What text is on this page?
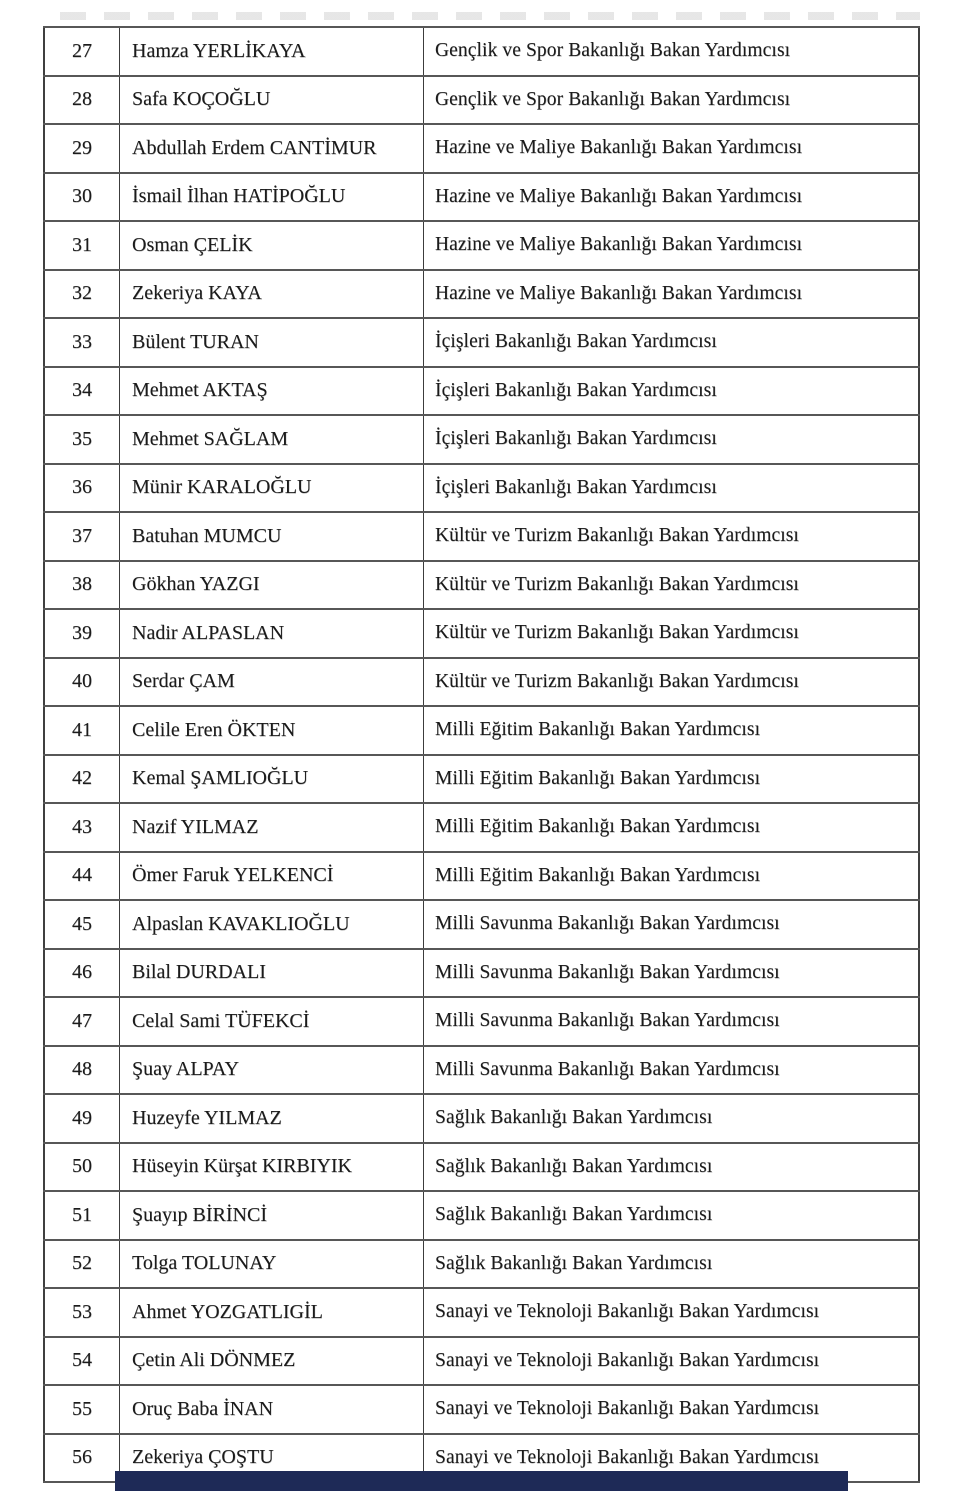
27	Hamza YERLİKAYA	Gençlik ve Spor Bakanlığı Bakan Yardımcısı
28	Safa KOÇOĞLU	Gençlik ve Spor Bakanlığı Bakan Yardımcısı
29	Abdullah Erdem CANTİMUR	Hazine ve Maliye Bakanlığı Bakan Yardımcısı
30	İsmail İlhan HATİPOĞLU	Hazine ve Maliye Bakanlığı Bakan Yardımcısı
31	Osman ÇELİK	Hazine ve Maliye Bakanlığı Bakan Yardımcısı
32	Zekeriya KAYA	Hazine ve Maliye Bakanlığı Bakan Yardımcısı
33	Bülent TURAN	İçişleri Bakanlığı Bakan Yardımcısı
34	Mehmet AKTAŞ	İçişleri Bakanlığı Bakan Yardımcısı
35	Mehmet SAĞLAM	İçişleri Bakanlığı Bakan Yardımcısı
36	Münir KARALOĞLU	İçişleri Bakanlığı Bakan Yardımcısı
37	Batuhan MUMCU	Kültür ve Turizm Bakanlığı Bakan Yardımcısı
38	Gökhan YAZGI	Kültür ve Turizm Bakanlığı Bakan Yardımcısı
39	Nadir ALPASLAN	Kültür ve Turizm Bakanlığı Bakan Yardımcısı
40	Serdar ÇAM	Kültür ve Turizm Bakanlığı Bakan Yardımcısı
41	Celile Eren ÖKTEN	Milli Eğitim Bakanlığı Bakan Yardımcısı
42	Kemal ŞAMLIOĞLU	Milli Eğitim Bakanlığı Bakan Yardımcısı
43	Nazif YILMAZ	Milli Eğitim Bakanlığı Bakan Yardımcısı
44	Ömer Faruk YELKENCİ	Milli Eğitim Bakanlığı Bakan Yardımcısı
45	Alpaslan KAVAKLIOĞLU	Milli Savunma Bakanlığı Bakan Yardımcısı
46	Bilal DURDALI	Milli Savunma Bakanlığı Bakan Yardımcısı
47	Celal Sami TÜFEKCİ	Milli Savunma Bakanlığı Bakan Yardımcısı
48	Şuay ALPAY	Milli Savunma Bakanlığı Bakan Yardımcısı
49	Huzeyfe YILMAZ	Sağlık Bakanlığı Bakan Yardımcısı
50	Hüseyin Kürşat KIRBIYIK	Sağlık Bakanlığı Bakan Yardımcısı
51	Şuayıp BİRİNCİ	Sağlık Bakanlığı Bakan Yardımcısı
52	Tolga TOLUNAY	Sağlık Bakanlığı Bakan Yardımcısı
53	Ahmet YOZGATLIGİL	Sanayi ve Teknoloji Bakanlığı Bakan Yardımcısı
54	Çetin Ali DÖNMEZ	Sanayi ve Teknoloji Bakanlığı Bakan Yardımcısı
55	Oruç Baba İNAN	Sanayi ve Teknoloji Bakanlığı Bakan Yardımcısı
56	Zekeriya ÇOŞTU	Sanayi ve Teknoloji Bakanlığı Bakan Yardımcısı
